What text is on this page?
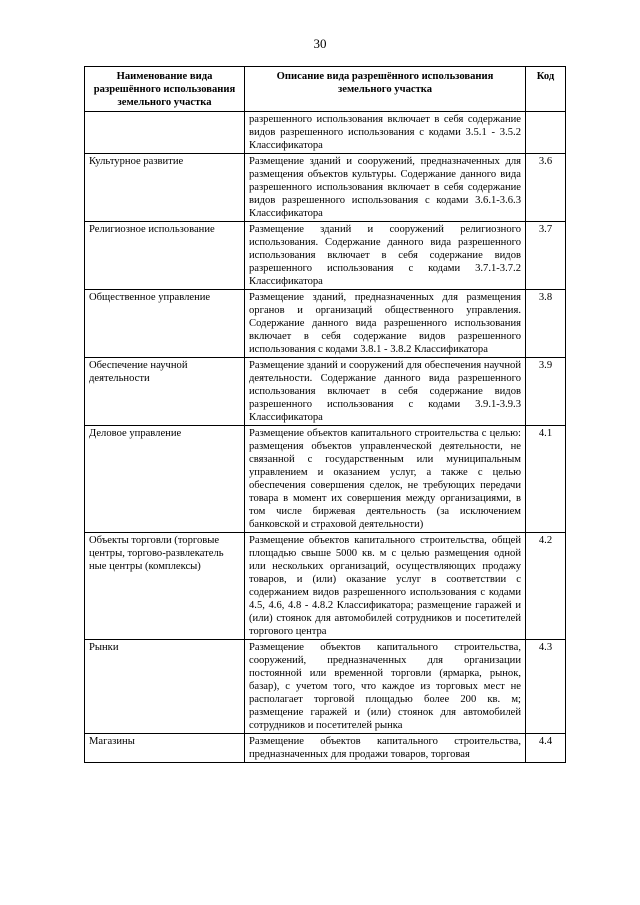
30
Наименование вида разрешённого использования земельного участка	Описание вида разрешённого использования земельного участка	Код
	разрешенного использования включает в себя содержание видов разрешенного использования с кодами 3.5.1 - 3.5.2 Классификатора	
Культурное развитие	Размещение зданий и сооружений, предназначенных для размещения объектов культуры. Содержание данного вида разрешенного использования включает в себя содержание видов разрешенного использования с кодами 3.6.1-3.6.3 Классификатора	3.6
Религиозное использование	Размещение зданий и сооружений религиозного использования. Содержание данного вида разрешенного использования включает в себя содержание видов разрешенного использования с кодами 3.7.1-3.7.2 Классификатора	3.7
Общественное управление	Размещение зданий, предназначенных для размещения органов и организаций общественного управления. Содержание данного вида разрешенного использования включает в себя содержание видов разрешенного использования с кодами 3.8.1 - 3.8.2 Классификатора	3.8
Обеспечение научной деятельности	Размещение зданий и сооружений для обеспечения научной деятельности. Содержание данного вида разрешенного использования включает в себя содержание видов разрешенного использования с кодами 3.9.1-3.9.3 Классификатора	3.9
Деловое управление	Размещение объектов капитального строительства с целью: размещения объектов управленческой деятельности, не связанной с государственным или муниципальным управлением и оказанием услуг, а также с целью обеспечения совершения сделок, не требующих передачи товара в момент их совершения между организациями, в том числе биржевая деятельность (за исключением банковской и страховой деятельности)	4.1
Объекты торговли (торговые центры, торгово-развлекатель ные центры (комплексы)	Размещение объектов капитального строительства, общей площадью свыше 5000 кв. м с целью размещения одной или нескольких организаций, осуществляющих продажу товаров, и (или) оказание услуг в соответствии с содержанием видов разрешенного использования с кодами 4.5, 4.6, 4.8 - 4.8.2 Классификатора; размещение гаражей и (или) стоянок для автомобилей сотрудников и посетителей торгового центра	4.2
Рынки	Размещение объектов капитального строительства, сооружений, предназначенных для организации постоянной или временной торговли (ярмарка, рынок, базар), с учетом того, что каждое из торговых мест не располагает торговой площадью более 200 кв. м; размещение гаражей и (или) стоянок для автомобилей сотрудников и посетителей рынка	4.3
Магазины	Размещение объектов капитального строительства, предназначенных для продажи товаров, торговая	4.4
